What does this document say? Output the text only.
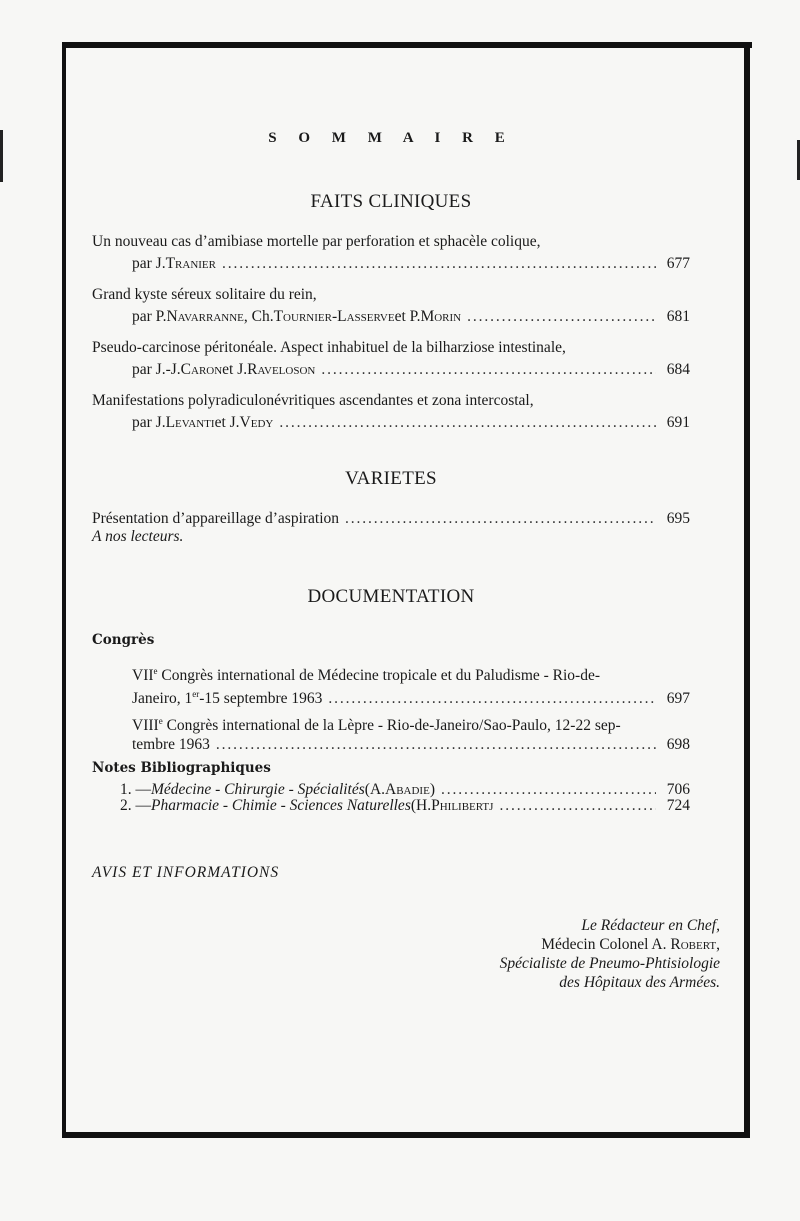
S O M M A I R E
FAITS CLINIQUES
Un nouveau cas d’amibiase mortelle par perforation et sphacèle colique,
par J. Tranier . . .	677
Grand kyste séreux solitaire du rein,
par P. Navarranne , Ch. Tournier-Lasserve et P. Morin . . .	681
Pseudo-carcinose péritonéale. Aspect inhabituel de la bilharziose intestinale,
par J.-J. Caron et J. Raveloson . . .	684
Manifestations polyradiculonévritiques ascendantes et zona intercostal,
par J. Levanti et J. Vedy . . .	691
VARIETES
Présentation d’appareillage d’aspiration . . .	695
A nos lecteurs.
DOCUMENTATION
Congrès
VIIe Congrès international de Médecine tropicale et du Paludisme - Rio-de-
Janeiro, 1er-15 septembre 1963 . . .	697
VIIIe Congrès international de la Lèpre - Rio-de-Janeiro/Sao-Paulo, 12-22 sep-
tembre 1963 . . .	698
Notes Bibliographiques
1. — Médecine - Chirurgie - Spécialités (A. Abadie ) . . .	706
2. — Pharmacie - Chimie - Sciences Naturelles (H. Philibertj . . .	724
AVIS ET INFORMATIONS
Le Rédacteur en Chef,
Médecin Colonel A. Robert,
Spécialiste de Pneumo-Phtisiologie
des Hôpitaux des Armées.
